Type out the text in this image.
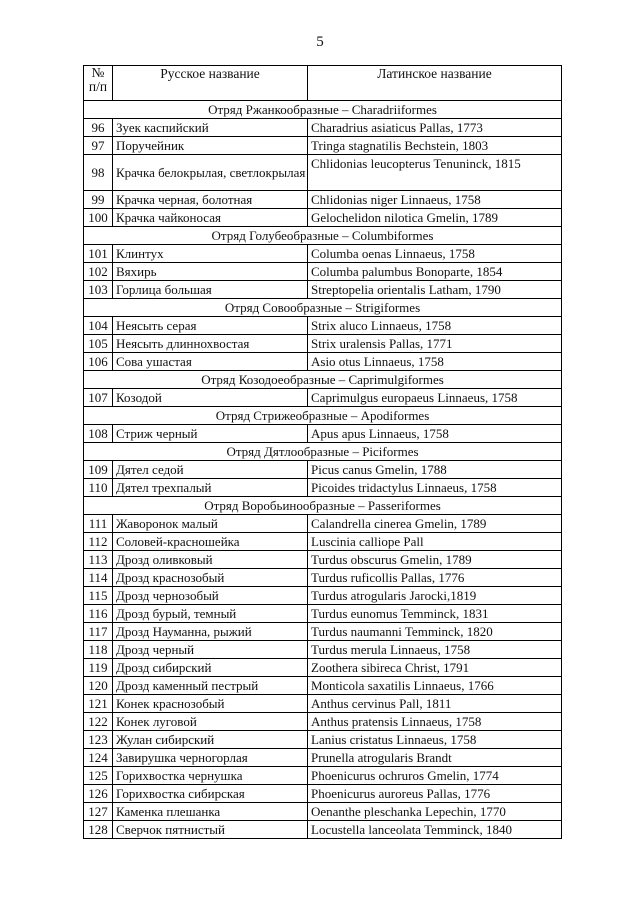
5
№
п/п	Русское название	Латинское название
Отряд Ржанкообразные – Charadriiformes		
96	Зуек каспийский	Charadrius asiaticus Pallas, 1773
97	Поручейник	Tringa stagnatilis Bechstein, 1803
98	Крачка белокрылая, светлокрылая	Chlidonias leucopterus Tenuninck, 1815
99	Крачка черная, болотная	Chlidonias niger Linnaeus, 1758
100	Крачка чайконосая	Gelochelidon nilotica Gmelin, 1789
Отряд Голубеобразные – Columbiformes		
101	Клинтух	Columba oenas Linnaeus, 1758
102	Вяхирь	Columba palumbus Bonoparte, 1854
103	Горлица большая	Streptopelia orientalis Latham, 1790
Отряд Совообразные – Strigiformes		
104	Неясыть серая	Strix aluco Linnaeus, 1758
105	Неясыть длиннохвостая	Strix uralensis Pallas, 1771
106	Сова ушастая	Asio otus Linnaeus, 1758
Отряд Козодоеобразные – Caprimulgiformes		
107	Козодой	Caprimulgus europaeus Linnaeus, 1758
Отряд Стрижеобразные – Apodiformes		
108	Стриж черный	Apus apus Linnaeus, 1758
Отряд Дятлообразные – Piciformes		
109	Дятел седой	Picus canus Gmelin, 1788
110	Дятел трехпалый	Picoides tridactylus Linnaeus, 1758
Отряд Воробьинообразные – Passeriformes		
111	Жаворонок малый	Calandrella cinerea Gmelin, 1789
112	Соловей-красношейка	Luscinia calliope Pall
113	Дрозд оливковый	Turdus obscurus Gmelin, 1789
114	Дрозд краснозобый	Turdus ruficollis Pallas, 1776
115	Дрозд чернозобый	Turdus atrogularis Jarocki,1819
116	Дрозд бурый, темный	Turdus eunomus Temminck, 1831
117	Дрозд Науманна, рыжий	Turdus naumanni Temminck, 1820
118	Дрозд черный	Turdus merula Linnaeus, 1758
119	Дрозд сибирский	Zoothera sibireca Christ, 1791
120	Дрозд каменный пестрый	Monticola saxatilis Linnaeus, 1766
121	Конек краснозобый	Anthus cervinus Pall, 1811
122	Конек луговой	Anthus pratensis Linnaeus, 1758
123	Жулан сибирский	Lanius cristatus Linnaeus, 1758
124	Завирушка черногорлая	Prunella atrogularis Brandt
125	Горихвостка чернушка	Phoenicurus ochruros Gmelin, 1774
126	Горихвостка сибирская	Phoenicurus auroreus Pallas, 1776
127	Каменка плешанка	Oenanthe pleschanka Lepechin, 1770
128	Сверчок пятнистый	Locustella lanceolata Temminck, 1840
